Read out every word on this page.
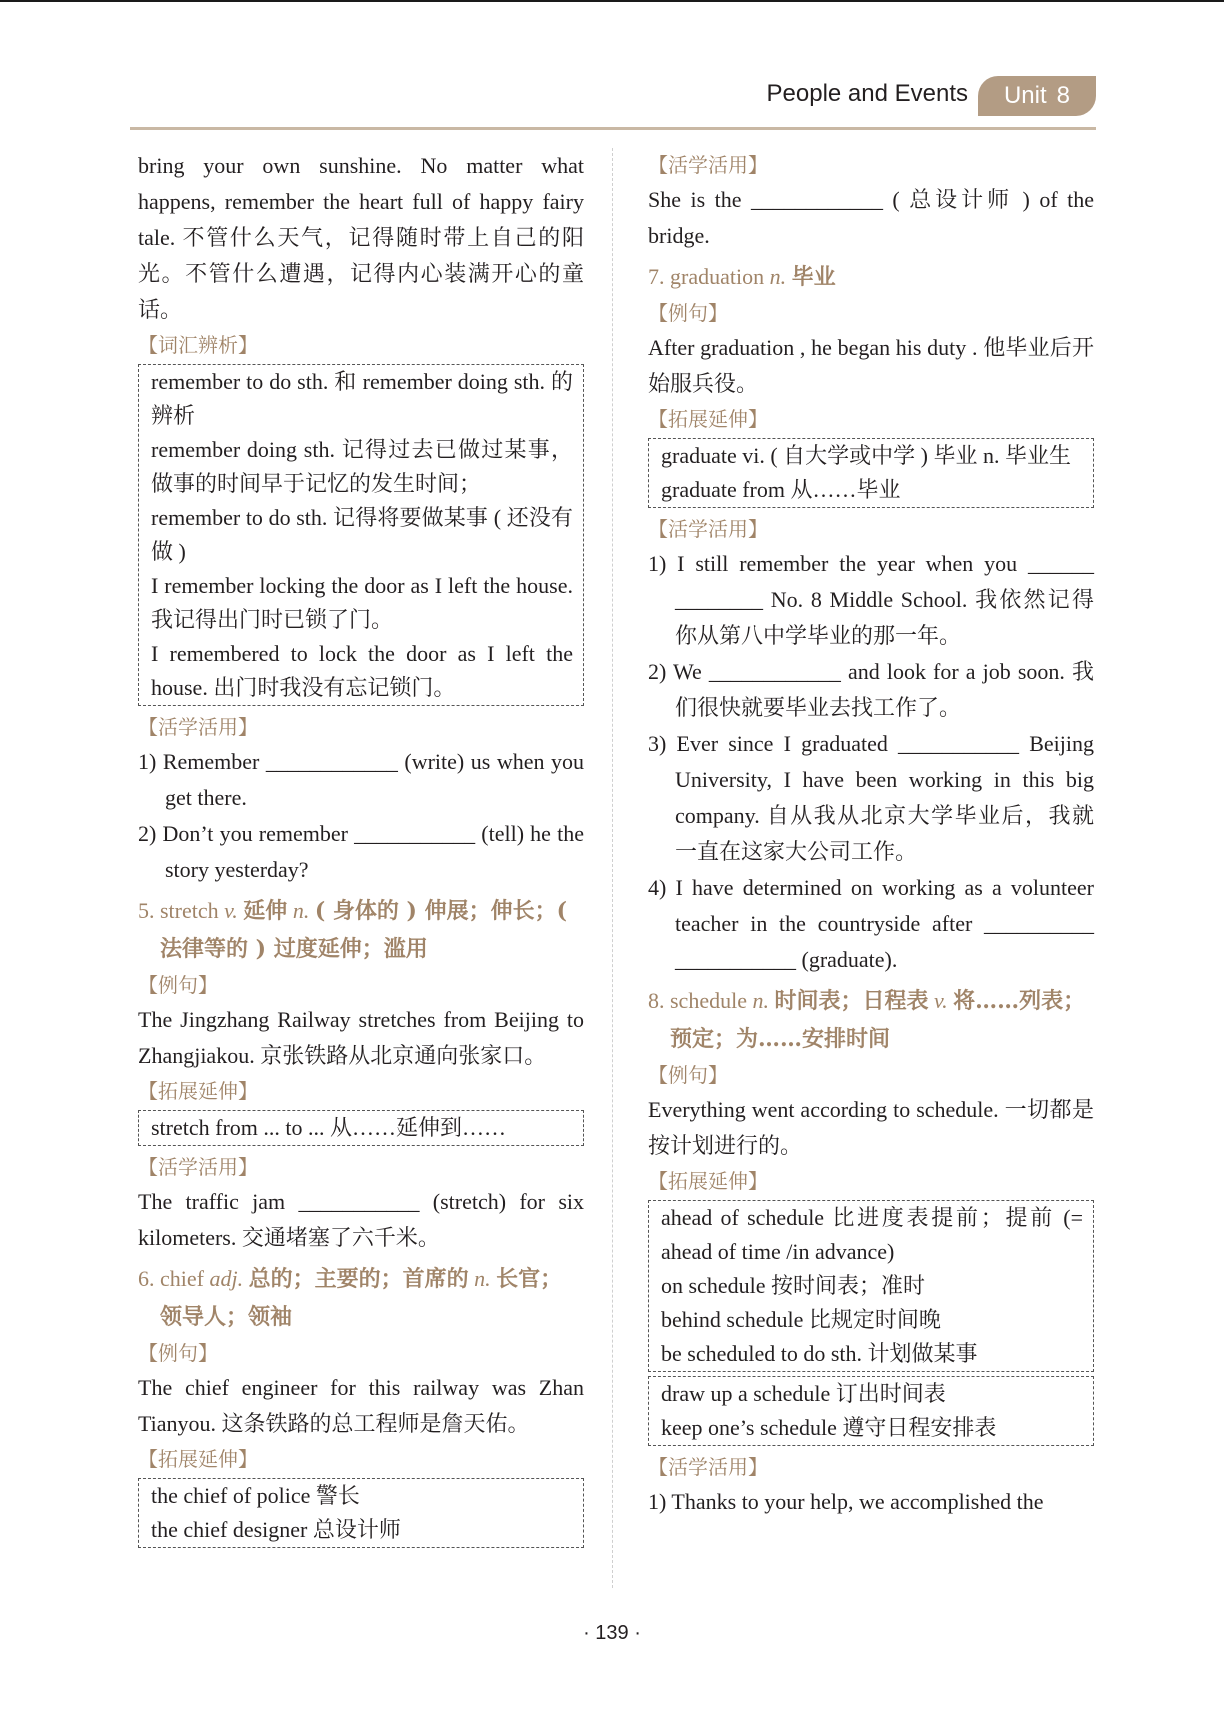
People and Events Unit 8

bring your own sunshine. No matter what happens, remember the heart full of happy fairy tale. 不管什么天气，记得随时带上自己的阳光。不管什么遭遇，记得内心装满开心的童话。

【词汇辨析】

remember to do sth. 和 remember doing sth. 的辨析
remember doing sth. 记得过去已做过某事，做事的时间早于记忆的发生时间；
remember to do sth. 记得将要做某事 ( 还没有做 )
I remember locking the door as I left the house. 我记得出门时已锁了门。
I remembered to lock the door as I left the house. 出门时我没有忘记锁门。

【活学活用】

1) Remember ____________ (write) us when you get there.

2) Don’t you remember ___________ (tell) he the story yesterday?

5. stretch v. 延伸 n. ( 身体的 ) 伸展；伸长；( 法律等的 ) 过度延伸；滥用

【例句】

The Jingzhang Railway stretches from Beijing to Zhangjiakou. 京张铁路从北京通向张家口。

【拓展延伸】

stretch from ... to ... 从……延伸到……

【活学活用】

The traffic jam ___________ (stretch) for six kilometers. 交通堵塞了六千米。

6. chief adj. 总的；主要的；首席的 n. 长官；领导人；领袖

【例句】

The chief engineer for this railway was Zhan Tianyou. 这条铁路的总工程师是詹天佑。

【拓展延伸】

the chief of police 警长
the chief designer 总设计师

【活学活用】

She is the ____________ ( 总设计师 ) of the bridge.

7. graduation n. 毕业

【例句】

After graduation , he began his duty . 他毕业后开始服兵役。

【拓展延伸】

graduate vi. ( 自大学或中学 ) 毕业 n. 毕业生
graduate from 从……毕业

【活学活用】

1) I still remember the year when you ______ ________ No. 8 Middle School. 我依然记得你从第八中学毕业的那一年。

2) We ____________ and look for a job soon. 我们很快就要毕业去找工作了。

3) Ever since I graduated ___________ Beijing University, I have been working in this big company. 自从我从北京大学毕业后，我就一直在这家大公司工作。

4) I have determined on working as a volunteer teacher in the countryside after __________ ___________ (graduate).

8. schedule n. 时间表；日程表 v. 将……列表；预定；为……安排时间

【例句】

Everything went according to schedule. 一切都是按计划进行的。

【拓展延伸】

ahead of schedule 比进度表提前；提前 (= ahead of time /in advance)
on schedule 按时间表；准时
behind schedule 比规定时间晚
be scheduled to do sth. 计划做某事
draw up a schedule 订出时间表
keep one’s schedule 遵守日程安排表

【活学活用】

1) Thanks to your help, we accomplished the

· 139 ·
